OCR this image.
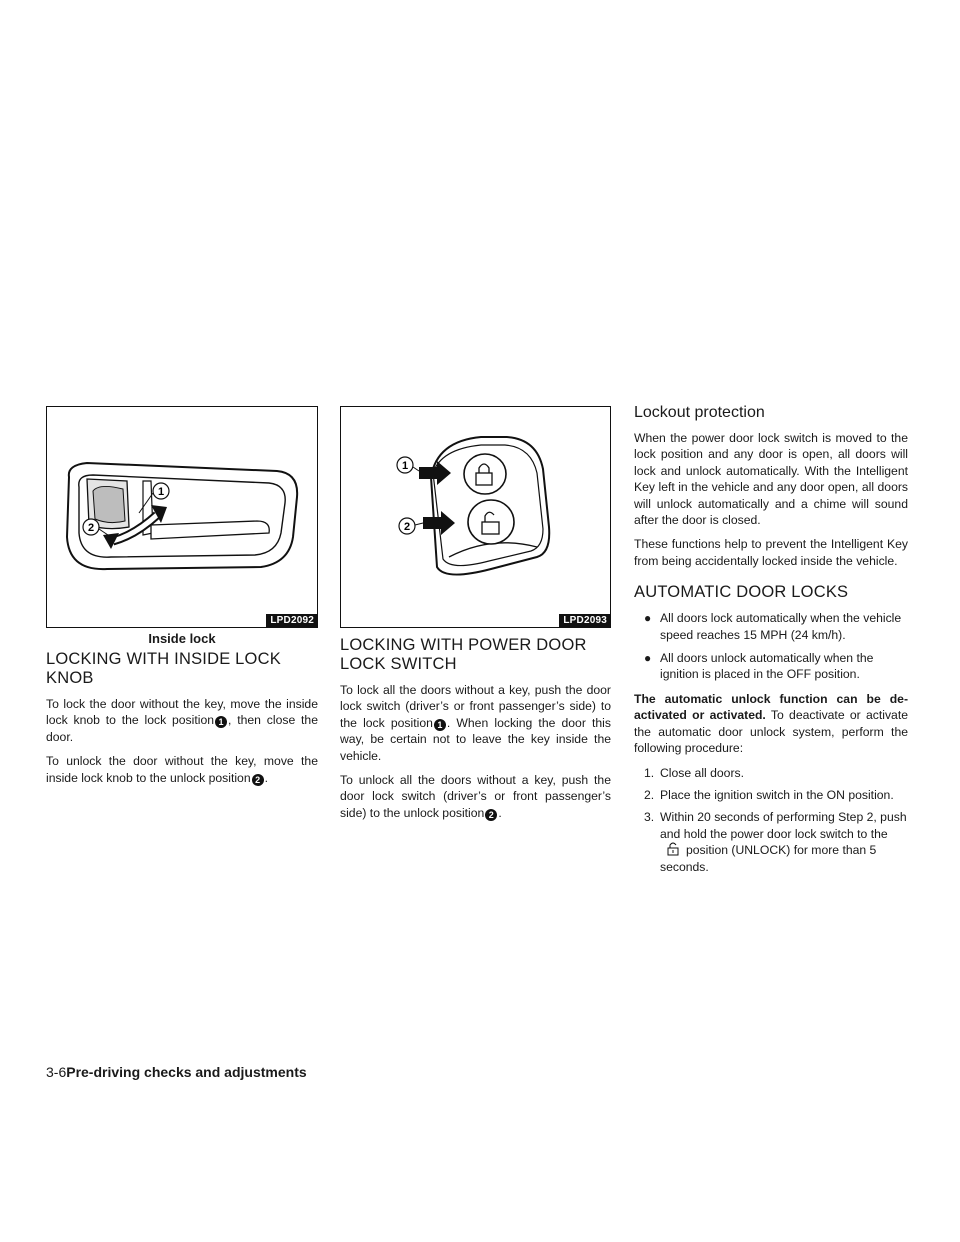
1
2
LPD2092
Inside lock
LOCKING WITH INSIDE LOCK KNOB

To lock the door without the key, move the inside lock knob to the lock position 1 , then close the door.

To unlock the door without the key, move the inside lock knob to the unlock position 2 .

1
2
LPD2093
LOCKING WITH POWER DOOR LOCK SWITCH

To lock all the doors without a key, push the door lock switch (driver’s or front passenger’s side) to the lock position 1 . When locking the door this way, be certain not to leave the key inside the vehicle.

To unlock all the doors without a key, push the door lock switch (driver’s or front passenger’s side) to the unlock position 2 .

Lockout protection

When the power door lock switch is moved to the lock position and any door is open, all doors will lock and unlock automatically. With the Intelligent Key left in the vehicle and any door open, all doors will unlock automatically and a chime will sound after the door is closed.

These functions help to prevent the Intelligent Key from being accidentally locked inside the vehicle.

AUTOMATIC DOOR LOCKS
● All doors lock automatically when the vehicle speed reaches 15 MPH (24 km/h).
● All doors unlock automatically when the ignition is placed in the OFF position.

The automatic unlock function can be de-activated or activated. To deactivate or activate the automatic door unlock system, perform the following procedure:

1. Close all doors.
2. Place the ignition switch in the ON position.
3. Within 20 seconds of performing Step 2, push and hold the power door lock switch to the position (UNLOCK) for more than 5 seconds.
3-6Pre-driving checks and adjustments
